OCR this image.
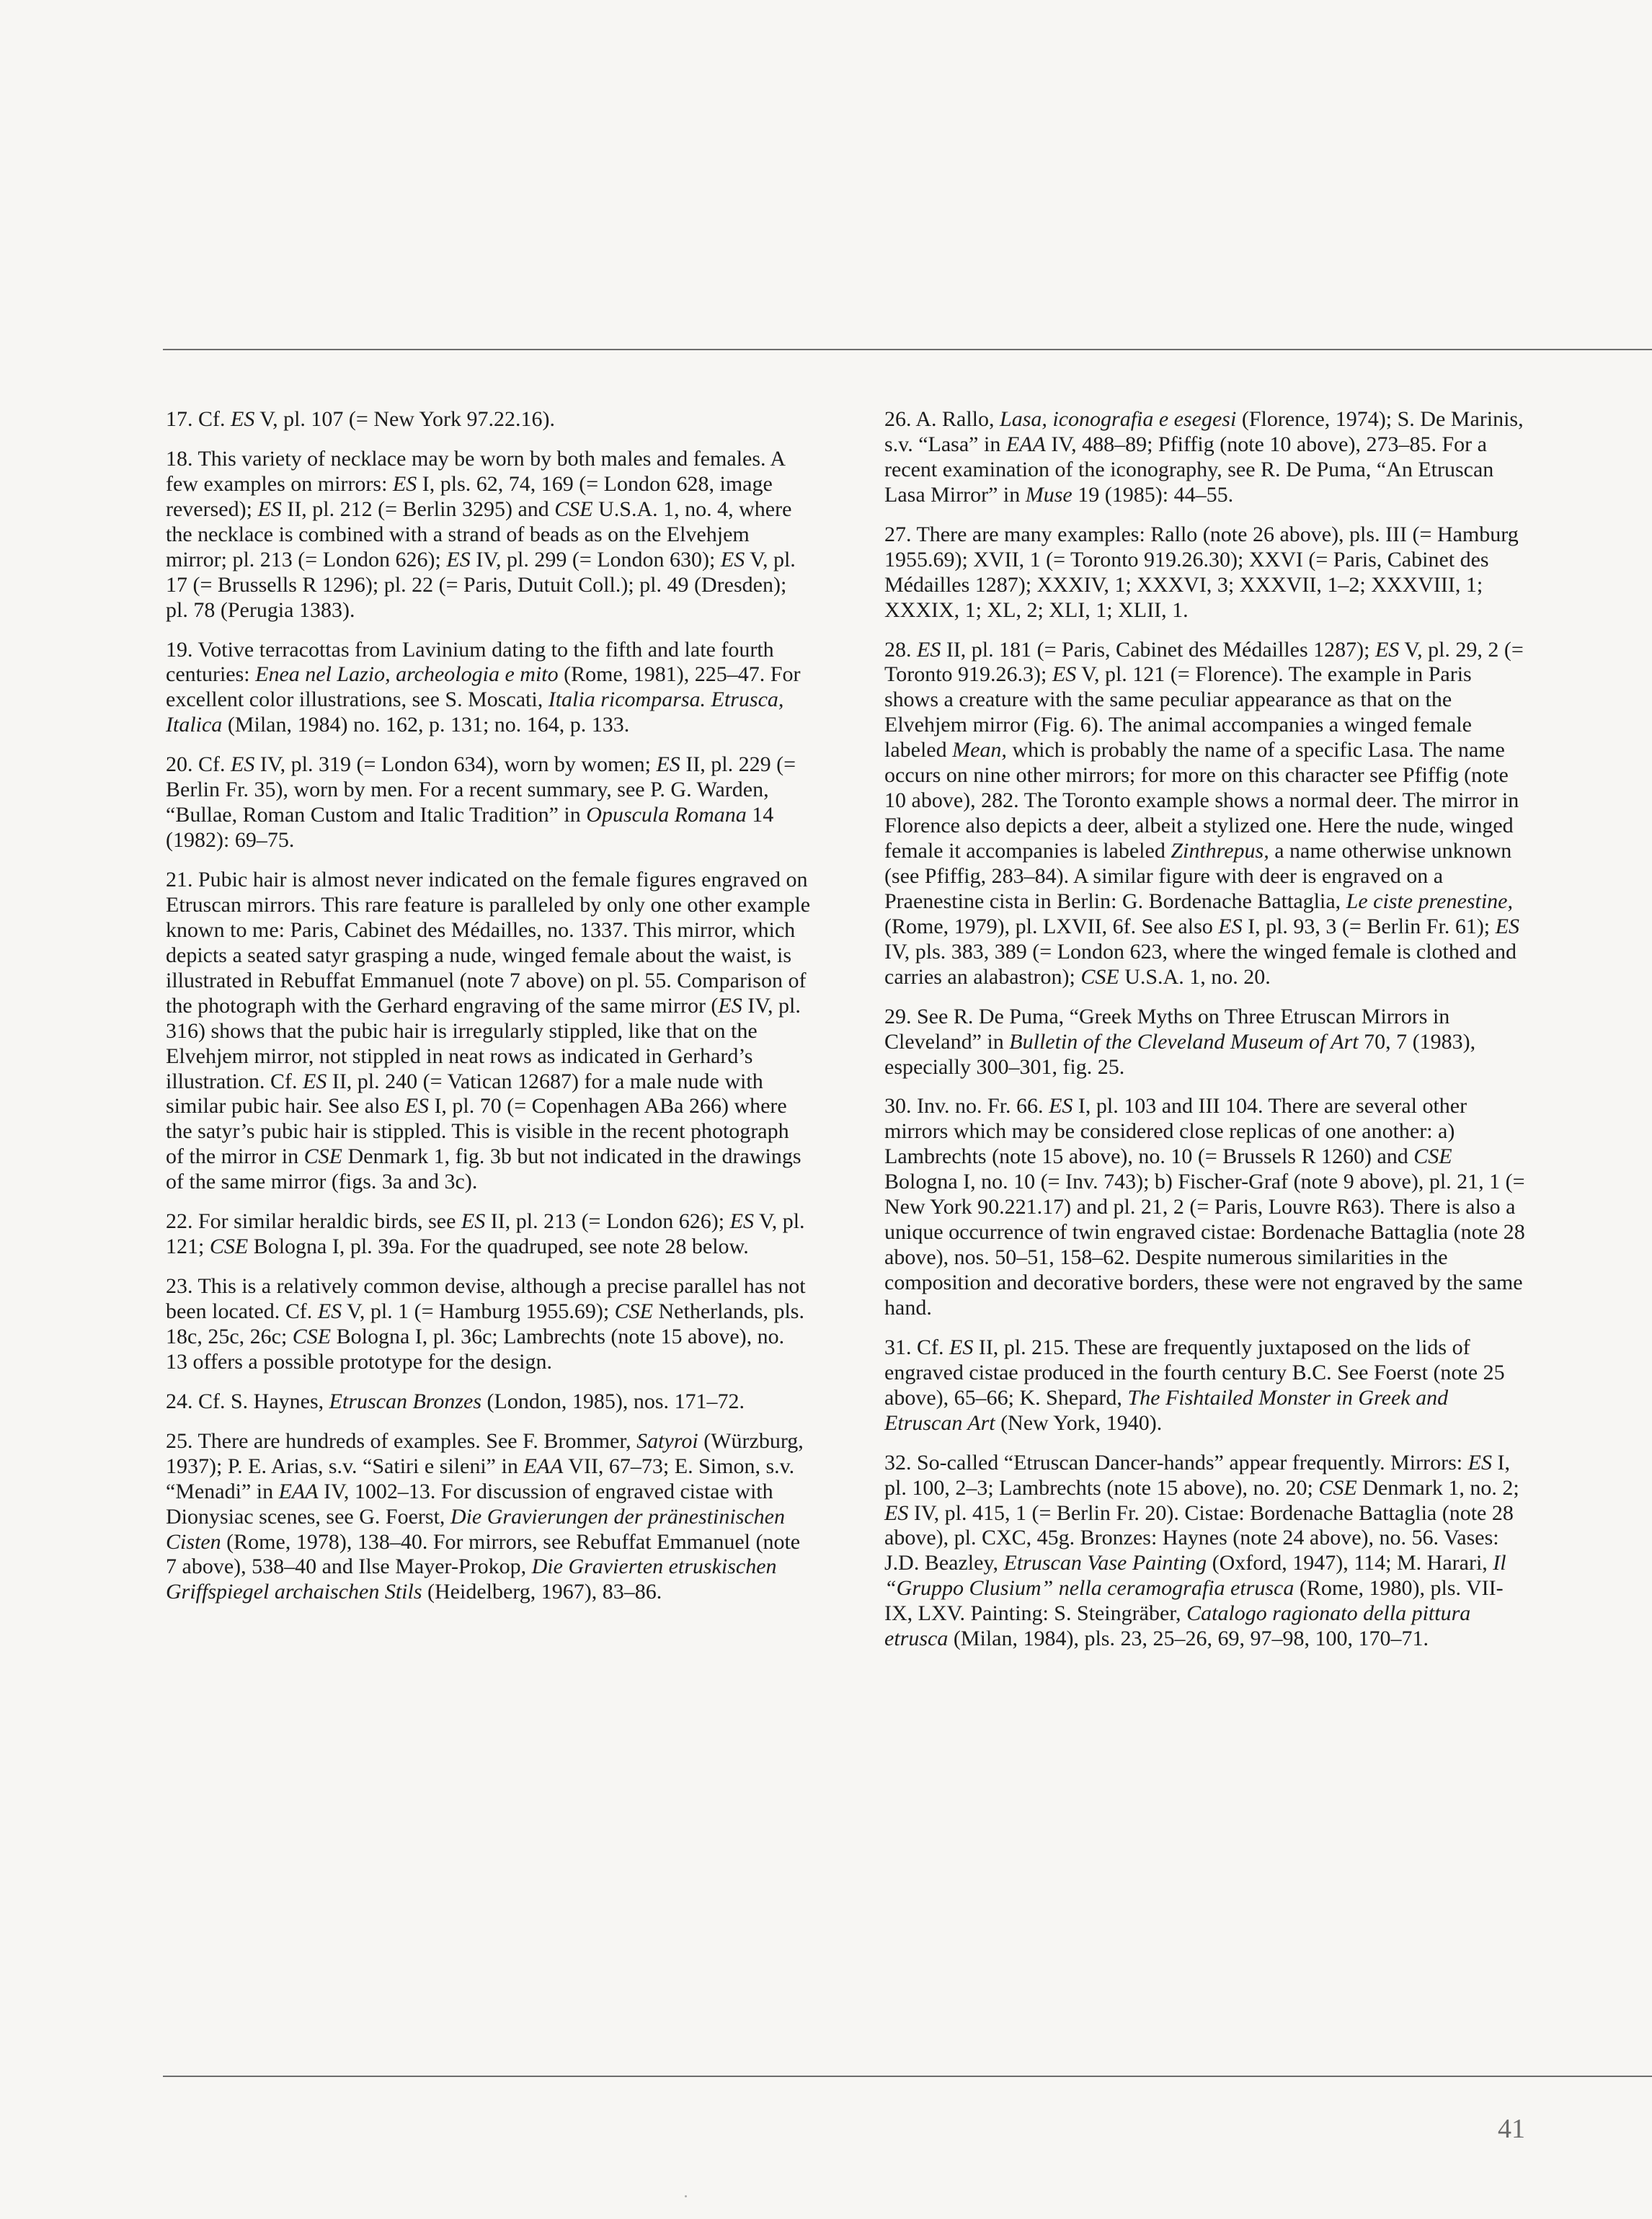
17. Cf. ES V, pl. 107 (= New York 97.22.16).

18. This variety of necklace may be worn by both males and females. A few examples on mirrors: ES I, pls. 62, 74, 169 (= London 628, image reversed); ES II, pl. 212 (= Berlin 3295) and CSE U.S.A. 1, no. 4, where the necklace is combined with a strand of beads as on the Elvehjem mirror; pl. 213 (= London 626); ES IV, pl. 299 (= London 630); ES V, pl. 17 (= Brussells R 1296); pl. 22 (= Paris, Dutuit Coll.); pl. 49 (Dresden); pl. 78 (Perugia 1383).

19. Votive terracottas from Lavinium dating to the fifth and late fourth centuries: Enea nel Lazio, archeologia e mito (Rome, 1981), 225–47. For excellent color illustrations, see S. Moscati, Italia ricomparsa. Etrusca, Italica (Milan, 1984) no. 162, p. 131; no. 164, p. 133.

20. Cf. ES IV, pl. 319 (= London 634), worn by women; ES II, pl. 229 (= Berlin Fr. 35), worn by men. For a recent summary, see P. G. Warden, “Bullae, Roman Custom and Italic Tradition” in Opuscula Romana 14 (1982): 69–75.

21. Pubic hair is almost never indicated on the female figures engraved on Etruscan mirrors. This rare feature is paralleled by only one other example known to me: Paris, Cabinet des Médailles, no. 1337. This mirror, which depicts a seated satyr grasping a nude, winged female about the waist, is illustrated in Rebuffat Emmanuel (note 7 above) on pl. 55. Comparison of the photograph with the Gerhard engraving of the same mirror (ES IV, pl. 316) shows that the pubic hair is irregularly stippled, like that on the Elvehjem mirror, not stippled in neat rows as indicated in Gerhard’s illustration. Cf. ES II, pl. 240 (= Vatican 12687) for a male nude with similar pubic hair. See also ES I, pl. 70 (= Copenhagen ABa 266) where the satyr’s pubic hair is stippled. This is visible in the recent photograph of the mirror in CSE Denmark 1, fig. 3b but not indicated in the drawings of the same mirror (figs. 3a and 3c).

22. For similar heraldic birds, see ES II, pl. 213 (= London 626); ES V, pl. 121; CSE Bologna I, pl. 39a. For the quadruped, see note 28 below.

23. This is a relatively common devise, although a precise parallel has not been located. Cf. ES V, pl. 1 (= Hamburg 1955.69); CSE Netherlands, pls. 18c, 25c, 26c; CSE Bologna I, pl. 36c; Lambrechts (note 15 above), no. 13 offers a possible prototype for the design.

24. Cf. S. Haynes, Etruscan Bronzes (London, 1985), nos. 171–72.

25. There are hundreds of examples. See F. Brommer, Satyroi (Würzburg, 1937); P. E. Arias, s.v. “Satiri e sileni” in EAA VII, 67–73; E. Simon, s.v. “Menadi” in EAA IV, 1002–13. For discussion of engraved cistae with Dionysiac scenes, see G. Foerst, Die Gravierungen der pränestinischen Cisten (Rome, 1978), 138–40. For mirrors, see Rebuffat Emmanuel (note 7 above), 538–40 and Ilse Mayer-Prokop, Die Gravierten etruskischen Griffspiegel archaischen Stils (Heidelberg, 1967), 83–86.

26. A. Rallo, Lasa, iconografia e esegesi (Florence, 1974); S. De Marinis, s.v. “Lasa” in EAA IV, 488–89; Pfiffig (note 10 above), 273–85. For a recent examination of the iconography, see R. De Puma, “An Etruscan Lasa Mirror” in Muse 19 (1985): 44–55.

27. There are many examples: Rallo (note 26 above), pls. III (= Hamburg 1955.69); XVII, 1 (= Toronto 919.26.30); XXVI (= Paris, Cabinet des Médailles 1287); XXXIV, 1; XXXVI, 3; XXXVII, 1–2; XXXVIII, 1; XXXIX, 1; XL, 2; XLI, 1; XLII, 1.

28. ES II, pl. 181 (= Paris, Cabinet des Médailles 1287); ES V, pl. 29, 2 (= Toronto 919.26.3); ES V, pl. 121 (= Florence). The example in Paris shows a creature with the same peculiar appearance as that on the Elvehjem mirror (Fig. 6). The animal accompanies a winged female labeled Mean, which is probably the name of a specific Lasa. The name occurs on nine other mirrors; for more on this character see Pfiffig (note 10 above), 282. The Toronto example shows a normal deer. The mirror in Florence also depicts a deer, albeit a stylized one. Here the nude, winged female it accompanies is labeled Zinthrepus, a name otherwise unknown (see Pfiffig, 283–84). A similar figure with deer is engraved on a Praenestine cista in Berlin: G. Bordenache Battaglia, Le ciste prenestine, (Rome, 1979), pl. LXVII, 6f. See also ES I, pl. 93, 3 (= Berlin Fr. 61); ES IV, pls. 383, 389 (= London 623, where the winged female is clothed and carries an alabastron); CSE U.S.A. 1, no. 20.

29. See R. De Puma, “Greek Myths on Three Etruscan Mirrors in Cleveland” in Bulletin of the Cleveland Museum of Art 70, 7 (1983), especially 300–301, fig. 25.

30. Inv. no. Fr. 66. ES I, pl. 103 and III 104. There are several other mirrors which may be considered close replicas of one another: a) Lambrechts (note 15 above), no. 10 (= Brussels R 1260) and CSE Bologna I, no. 10 (= Inv. 743); b) Fischer-Graf (note 9 above), pl. 21, 1 (= New York 90.221.17) and pl. 21, 2 (= Paris, Louvre R63). There is also a unique occurrence of twin engraved cistae: Bordenache Battaglia (note 28 above), nos. 50–51, 158–62. Despite numerous similarities in the composition and decorative borders, these were not engraved by the same hand.

31. Cf. ES II, pl. 215. These are frequently juxtaposed on the lids of engraved cistae produced in the fourth century B.C. See Foerst (note 25 above), 65–66; K. Shepard, The Fishtailed Monster in Greek and Etruscan Art (New York, 1940).

32. So-called “Etruscan Dancer-hands” appear frequently. Mirrors: ES I, pl. 100, 2–3; Lambrechts (note 15 above), no. 20; CSE Denmark 1, no. 2; ES IV, pl. 415, 1 (= Berlin Fr. 20). Cistae: Bordenache Battaglia (note 28 above), pl. CXC, 45g. Bronzes: Haynes (note 24 above), no. 56. Vases: J.D. Beazley, Etruscan Vase Painting (Oxford, 1947), 114; M. Harari, Il “Gruppo Clusium” nella ceramografia etrusca (Rome, 1980), pls. VII-IX, LXV. Painting: S. Steingräber, Catalogo ragionato della pittura etrusca (Milan, 1984), pls. 23, 25–26, 69, 97–98, 100, 170–71.

41
